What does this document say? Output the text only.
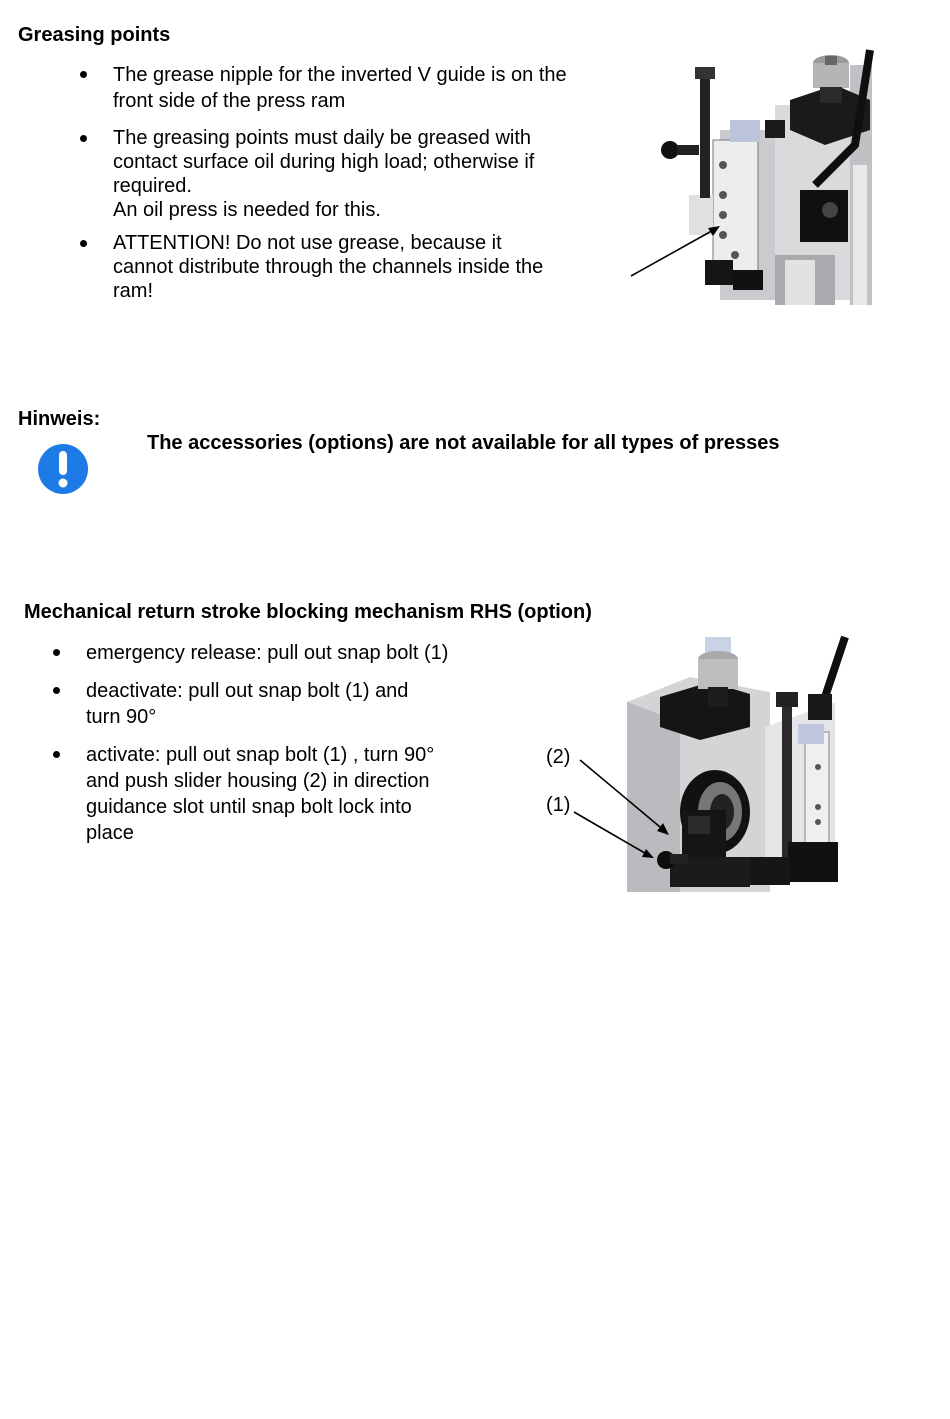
Greasing points
The grease nipple for the inverted V guide is on the
front side of the press ram
The greasing points must daily be greased with
contact surface oil during high load; otherwise if
required.
An oil press is needed for this.
ATTENTION! Do not use grease, because it
cannot distribute through the channels inside the
ram!
Hinweis:
The accessories (options) are not available for all types of presses
Mechanical return stroke blocking mechanism RHS (option)
emergency release: pull out snap bolt (1)
deactivate: pull out snap bolt (1) and
turn 90°
activate: pull out snap bolt (1) , turn 90°
and push slider housing (2) in direction
guidance slot until snap bolt lock into
place
(2)
(1)
